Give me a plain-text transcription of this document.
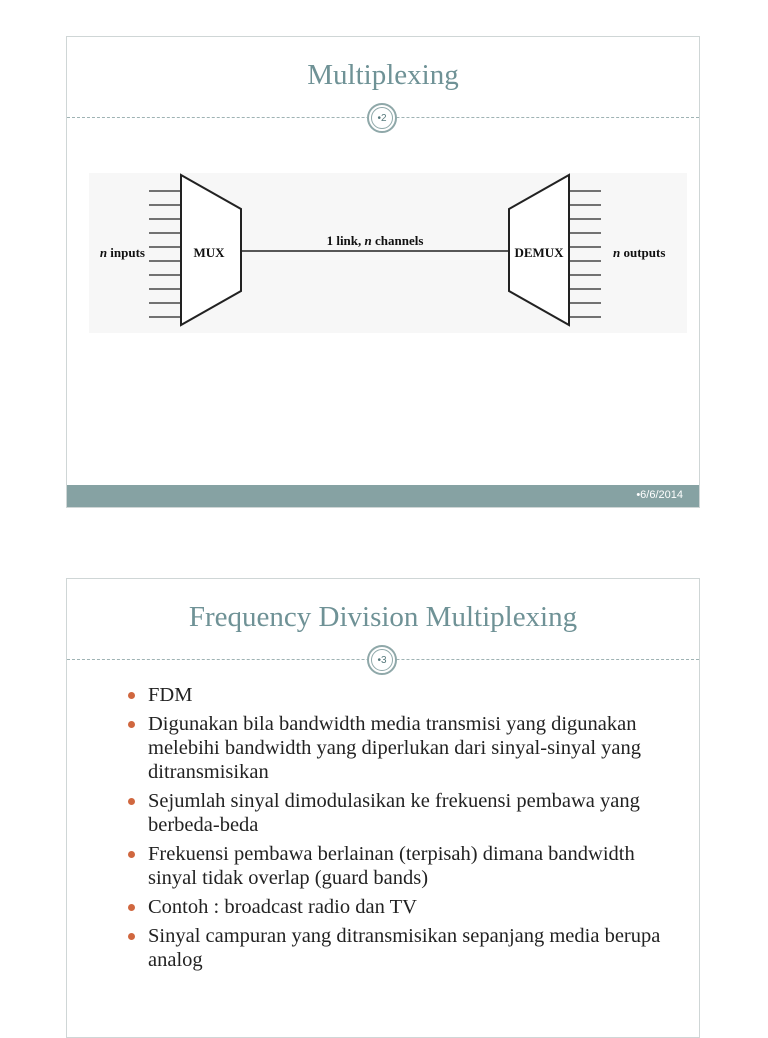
Multiplexing
•2
MUX
n inputs
1 link, n channels
DEMUX	n outputs
•6/6/2014
Frequency Division Multiplexing
•3
FDM
Digunakan bila bandwidth media transmisi yang digunakan melebihi bandwidth yang diperlukan dari sinyal-sinyal yang ditransmisikan
Sejumlah sinyal dimodulasikan ke frekuensi pembawa yang berbeda-beda
Frekuensi pembawa berlainan (terpisah) dimana bandwidth sinyal tidak overlap (guard bands)
Contoh : broadcast radio dan TV
Sinyal campuran yang ditransmisikan sepanjang media berupa analog
